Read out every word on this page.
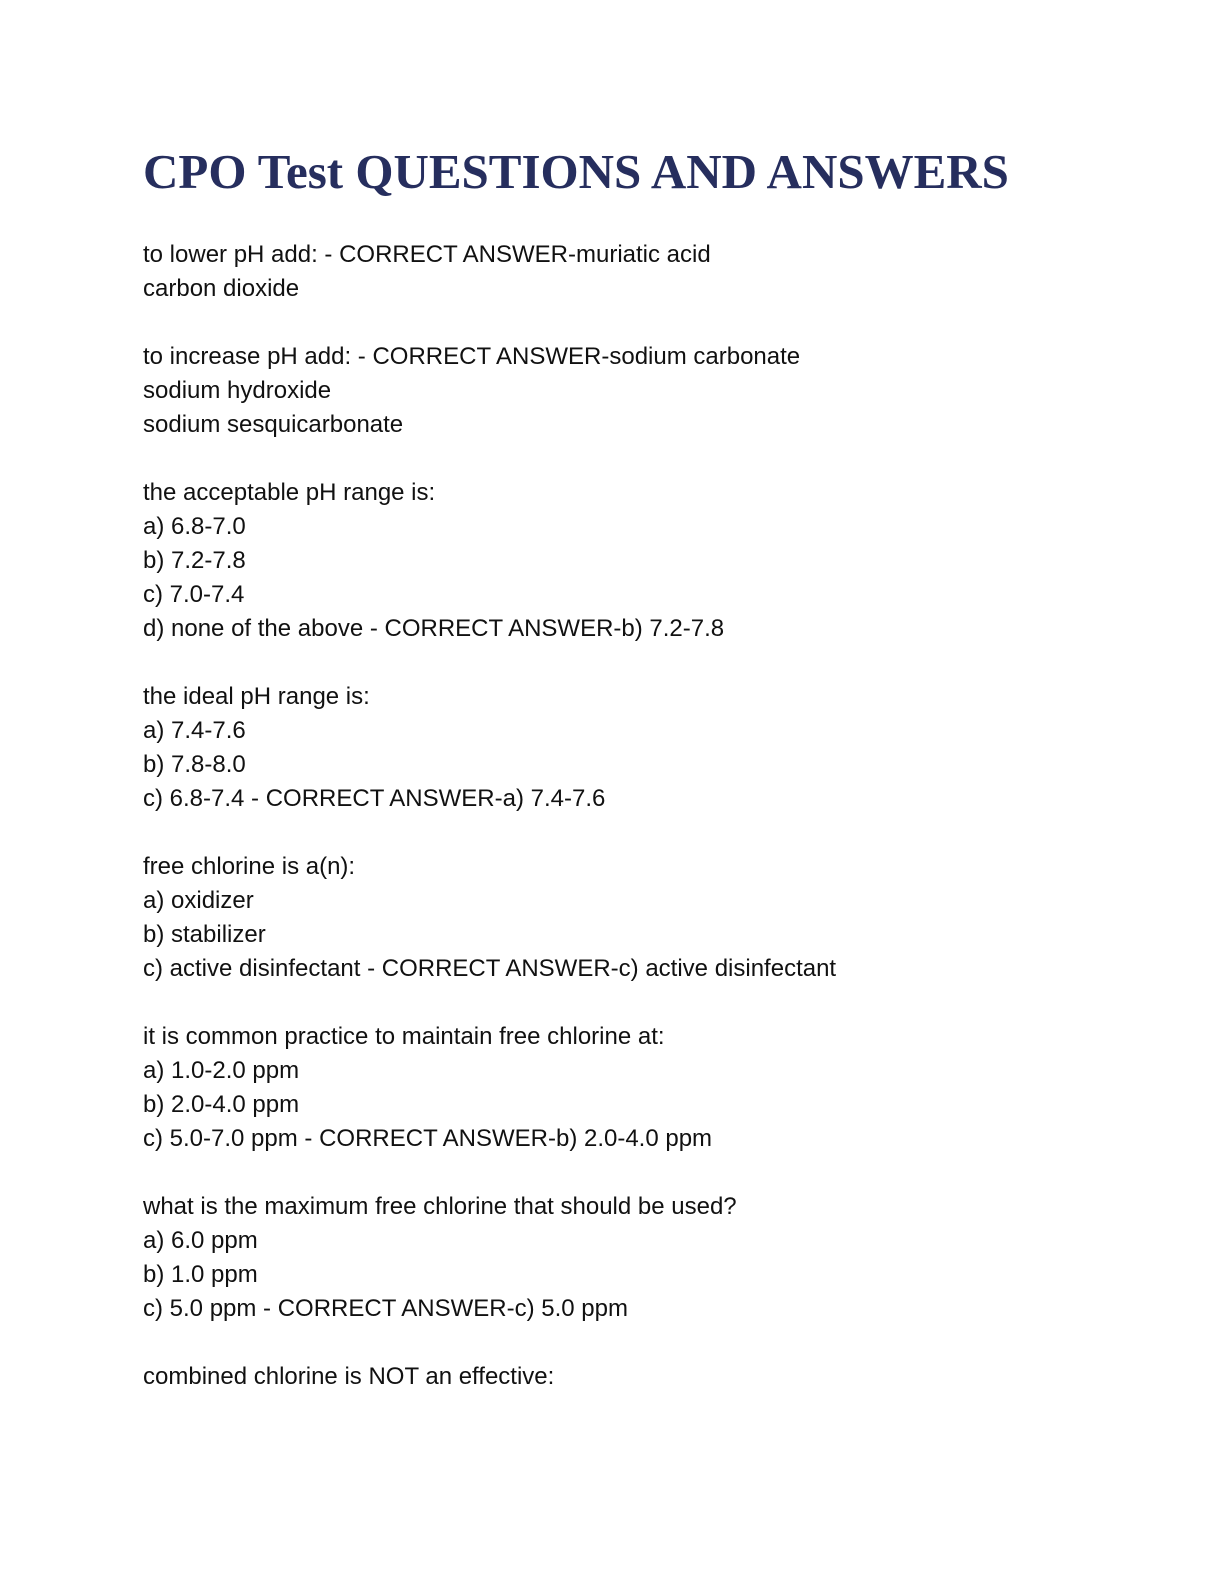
CPO Test QUESTIONS AND ANSWERS
to lower pH add: - CORRECT ANSWER-muriatic acid
carbon dioxide
to increase pH add: - CORRECT ANSWER-sodium carbonate
sodium hydroxide
sodium sesquicarbonate
the acceptable pH range is:
a) 6.8-7.0
b) 7.2-7.8
c) 7.0-7.4
d) none of the above - CORRECT ANSWER-b) 7.2-7.8
the ideal pH range is:
a) 7.4-7.6
b) 7.8-8.0
c) 6.8-7.4 - CORRECT ANSWER-a) 7.4-7.6
free chlorine is a(n):
a) oxidizer
b) stabilizer
c) active disinfectant - CORRECT ANSWER-c) active disinfectant
it is common practice to maintain free chlorine at:
a) 1.0-2.0 ppm
b) 2.0-4.0 ppm
c) 5.0-7.0 ppm - CORRECT ANSWER-b) 2.0-4.0 ppm
what is the maximum free chlorine that should be used?
a) 6.0 ppm
b) 1.0 ppm
c) 5.0 ppm - CORRECT ANSWER-c) 5.0 ppm
combined chlorine is NOT an effective:
